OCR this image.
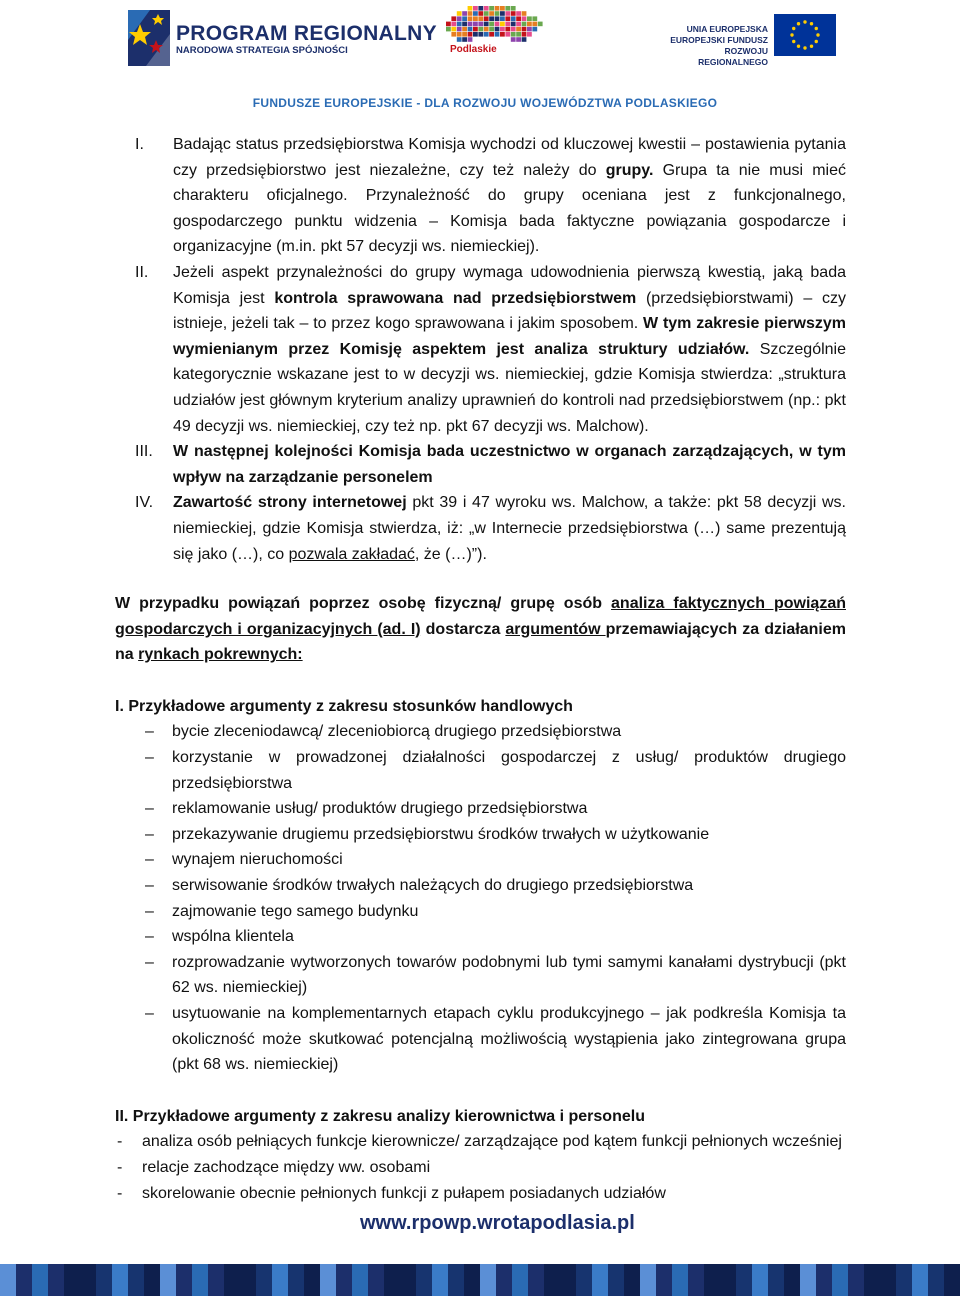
PROGRAM REGIONALNY
NARODOWA STRATEGIA SPÓJNOŚCI	Podlaskie
UNIA EUROPEJSKA
EUROPEJSKI FUNDUSZ
ROZWOJU REGIONALNEGO
FUNDUSZE EUROPEJSKIE - DLA ROZWOJU WOJEWÓDZTWA PODLASKIEGO
I.	Badając status przedsiębiorstwa Komisja wychodzi od kluczowej kwestii – postawienia pytania czy przedsiębiorstwo jest niezależne, czy też należy do grupy. Grupa ta nie musi mieć charakteru oficjalnego. Przynależność do grupy oceniana jest z funkcjonalnego, gospodarczego punktu widzenia – Komisja bada faktyczne powiązania gospodarcze i organizacyjne (m.in. pkt 57 decyzji ws. niemieckiej).
II.	Jeżeli aspekt przynależności do grupy wymaga udowodnienia pierwszą kwestią, jaką bada Komisja jest kontrola sprawowana nad przedsiębiorstwem (przedsiębiorstwami) – czy istnieje, jeżeli tak – to przez kogo sprawowana i jakim sposobem. W tym zakresie pierwszym wymienianym przez Komisję aspektem jest analiza struktury udziałów. Szczególnie kategorycznie wskazane jest to w decyzji ws. niemieckiej, gdzie Komisja stwierdza: „struktura udziałów jest głównym kryterium analizy uprawnień do kontroli nad przedsiębiorstwem (np.: pkt 49 decyzji ws. niemieckiej, czy też np. pkt 67 decyzji ws. Malchow).
III.	W następnej kolejności Komisja bada uczestnictwo w organach zarządzających, w tym wpływ na zarządzanie personelem
IV.	Zawartość strony internetowej pkt 39 i 47 wyroku ws. Malchow, a także: pkt 58 decyzji ws. niemieckiej, gdzie Komisja stwierdza, iż: „w Internecie przedsiębiorstwa (…) same prezentują się jako (…), co pozwala zakładać, że (…)”).
W przypadku powiązań poprzez osobę fizyczną/ grupę osób analiza faktycznych powiązań gospodarczych i organizacyjnych (ad. I) dostarcza argumentów przemawiających za działaniem na rynkach pokrewnych:
I. Przykładowe argumenty z zakresu stosunków handlowych
–	bycie zleceniodawcą/ zleceniobiorcą drugiego przedsiębiorstwa
–	korzystanie w prowadzonej działalności gospodarczej z usług/ produktów drugiego przedsiębiorstwa
–	reklamowanie usług/ produktów drugiego przedsiębiorstwa
–	przekazywanie drugiemu przedsiębiorstwu środków trwałych w użytkowanie
–	wynajem nieruchomości
–	serwisowanie środków trwałych należących do drugiego przedsiębiorstwa
–	zajmowanie tego samego budynku
–	wspólna klientela
–	rozprowadzanie wytworzonych towarów podobnymi lub tymi samymi kanałami dystrybucji (pkt 62 ws. niemieckiej)
–	usytuowanie na komplementarnych etapach cyklu produkcyjnego – jak podkreśla Komisja ta okoliczność może skutkować potencjalną możliwością wystąpienia jako zintegrowana grupa (pkt 68 ws. niemieckiej)
II. Przykładowe argumenty z zakresu analizy kierownictwa i personelu
-	analiza osób pełniących funkcje kierownicze/ zarządzające pod kątem funkcji pełnionych wcześniej
-	relacje zachodzące między ww. osobami
-	skorelowanie obecnie pełnionych funkcji z pułapem posiadanych udziałów
www.rpowp.wrotapodlasia.pl
